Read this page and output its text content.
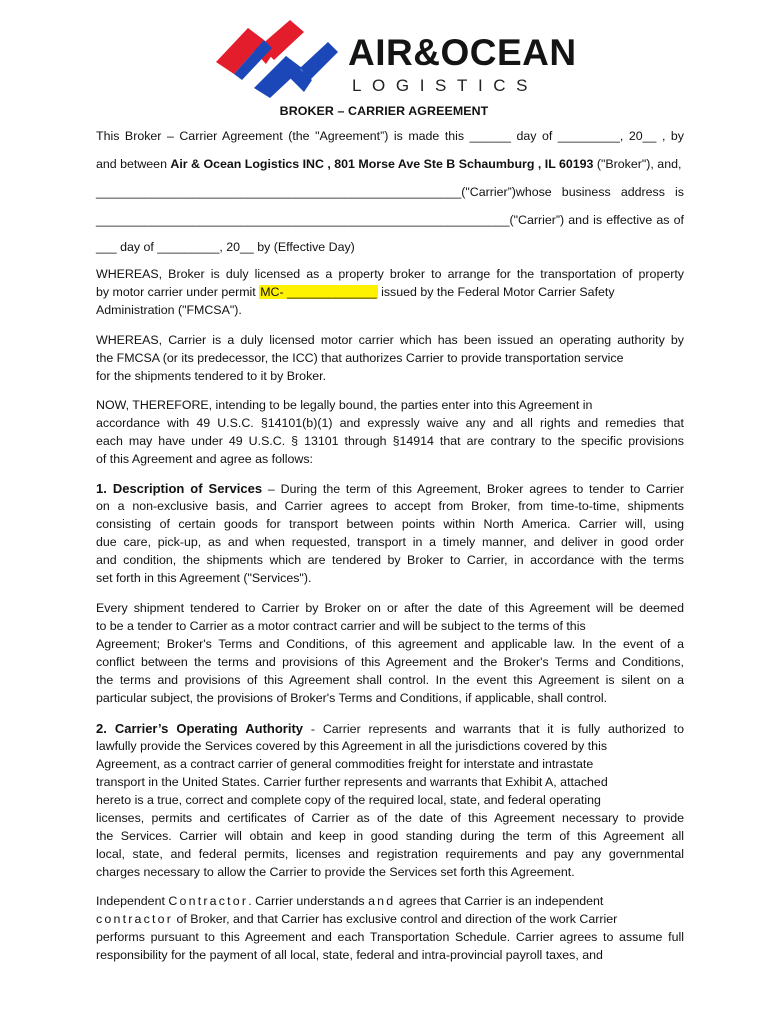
AIR&OCEAN
LOGISTICS
BROKER – CARRIER AGREEMENT
This Broker – Carrier Agreement (the "Agreement”) is made this ______ day of _________, 20__ , by
and between Air & Ocean Logistics INC , 801 Morse Ave Ste B Schaumburg , IL 60193 ("Broker"), and,
_____________________________________________________("Carrier”)whose business address is
____________________________________________________________("Carrier”) and is effective as of
___ day of _________, 20__ by (Effective Day)
WHEREAS, Broker is duly licensed as a property broker to arrange for the transportation of property
by motor carrier under permit MC- _____________ issued by the Federal Motor Carrier Safety
Administration ("FMCSA").
WHEREAS, Carrier is a duly licensed motor carrier which has been issued an operating authority by
the FMCSA (or its predecessor, the ICC) that authorizes Carrier to provide transportation service
for the shipments tendered to it by Broker.
NOW, THEREFORE, intending to be legally bound, the parties enter into this Agreement in
accordance with 49 U.S.C. §14101(b)(1) and expressly waive any and all rights and remedies that
each may have under 49 U.S.C. § 13101 through §14914 that are contrary to the specific provisions
of this Agreement and agree as follows:
1. Description of Services – During the term of this Agreement, Broker agrees to tender to Carrier
on a non-exclusive basis, and Carrier agrees to accept from Broker, from time-to-time, shipments
consisting of certain goods for transport between points within North America. Carrier will, using
due care, pick-up, as and when requested, transport in a timely manner, and deliver in good order
and condition, the shipments which are tendered by Broker to Carrier, in accordance with the terms
set forth in this Agreement ("Services").
Every shipment tendered to Carrier by Broker on or after the date of this Agreement will be deemed
to be a tender to Carrier as a motor contract carrier and will be subject to the terms of this
Agreement; Broker's Terms and Conditions, of this agreement and applicable law. In the event of a
conflict between the terms and provisions of this Agreement and the Broker's Terms and Conditions,
the terms and provisions of this Agreement shall control. In the event this Agreement is silent on a
particular subject, the provisions of Broker's Terms and Conditions, if applicable, shall control.
2. Carrier’s Operating Authority - Carrier represents and warrants that it is fully authorized to
lawfully provide the Services covered by this Agreement in all the jurisdictions covered by this
Agreement, as a contract carrier of general commodities freight for interstate and intrastate
transport in the United States. Carrier further represents and warrants that Exhibit A, attached
hereto is a true, correct and complete copy of the required local, state, and federal operating
licenses, permits and certificates of Carrier as of the date of this Agreement necessary to provide
the Services. Carrier will obtain and keep in good standing during the term of this Agreement all
local, state, and federal permits, licenses and registration requirements and pay any governmental
charges necessary to allow the Carrier to provide the Services set forth this Agreement.
Independent Contractor. Carrier understands and agrees that Carrier is an independent
contractor of Broker, and that Carrier has exclusive control and direction of the work Carrier
performs pursuant to this Agreement and each Transportation Schedule. Carrier agrees to assume full
responsibility for the payment of all local, state, federal and intra-provincial payroll taxes, and
